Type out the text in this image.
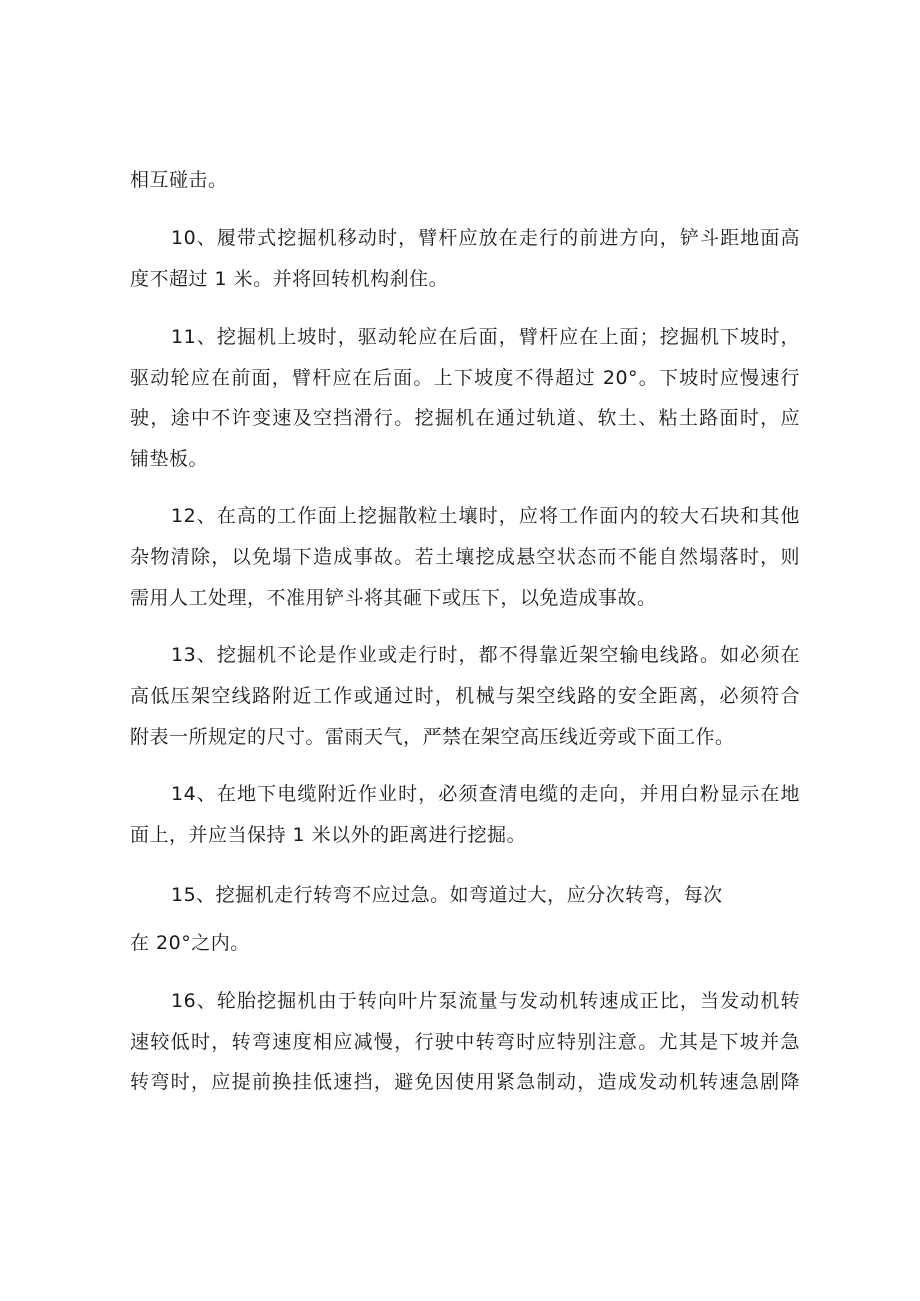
相互碰击。
10、履带式挖掘机移动时，臂杆应放在走行的前进方向，铲斗距地面高
度不超过 1 米。并将回转机构刹住。
11、挖掘机上坡时，驱动轮应在后面，臂杆应在上面；挖掘机下坡时，
驱动轮应在前面，臂杆应在后面。上下坡度不得超过 20°。下坡时应慢速行
驶，途中不许变速及空挡滑行。挖掘机在通过轨道、软土、粘土路面时，应
铺垫板。
12、在高的工作面上挖掘散粒土壤时，应将工作面内的较大石块和其他
杂物清除，以免塌下造成事故。若土壤挖成悬空状态而不能自然塌落时，则
需用人工处理，不准用铲斗将其砸下或压下，以免造成事故。
13、挖掘机不论是作业或走行时，都不得靠近架空输电线路。如必须在
高低压架空线路附近工作或通过时，机械与架空线路的安全距离，必须符合
附表一所规定的尺寸。雷雨天气，严禁在架空高压线近旁或下面工作。
14、在地下电缆附近作业时，必须查清电缆的走向，并用白粉显示在地
面上，并应当保持 1 米以外的距离进行挖掘。
15、挖掘机走行转弯不应过急。如弯道过大，应分次转弯，每次
在 20°之内。
16、轮胎挖掘机由于转向叶片泵流量与发动机转速成正比，当发动机转
速较低时，转弯速度相应减慢，行驶中转弯时应特别注意。尤其是下坡并急
转弯时，应提前换挂低速挡，避免因使用紧急制动，造成发动机转速急剧降
